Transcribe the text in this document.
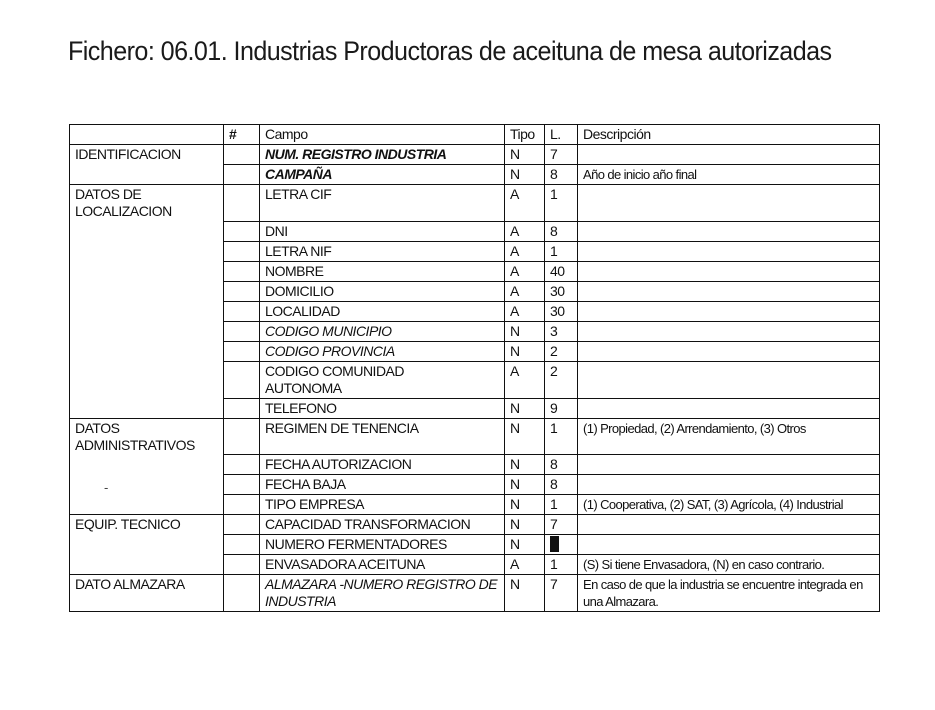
Fichero: 06.01. Industrias Productoras de aceituna de mesa autorizadas
	#	Campo	Tipo	L.	Descripción
IDENTIFICACION		NUM. REGISTRO INDUSTRIA	N	7	
		CAMPAÑA	N	8	Año de inicio año final
DATOS DE LOCALIZACION		LETRA CIF	A	1	
		DNI	A	8	
		LETRA NIF	A	1	
		NOMBRE	A	40	
		DOMICILIO	A	30	
		LOCALIDAD	A	30	
		CODIGO MUNICIPIO	N	3	
		CODIGO PROVINCIA	N	2	
		CODIGO COMUNIDAD AUTONOMA	A	2	
		TELEFONO	N	9	
DATOS ADMINISTRATIVOS		REGIMEN DE TENENCIA	N	1	(1) Propiedad, (2) Arrendamiento, (3) Otros
		FECHA AUTORIZACION	N	8	
		FECHA BAJA	N	8	
		TIPO EMPRESA	N	1	(1) Cooperativa, (2) SAT, (3) Agrícola, (4) Industrial
EQUIP. TECNICO		CAPACIDAD TRANSFORMACION	N	7	
		NUMERO FERMENTADORES	N		
		ENVASADORA ACEITUNA	A	1	(S) Si tiene Envasadora, (N) en caso contrario.
DATO ALMAZARA		ALMAZARA -NUMERO REGISTRO DE INDUSTRIA	N	7	En caso de que la industria se encuentre integrada en una Almazara.
-
